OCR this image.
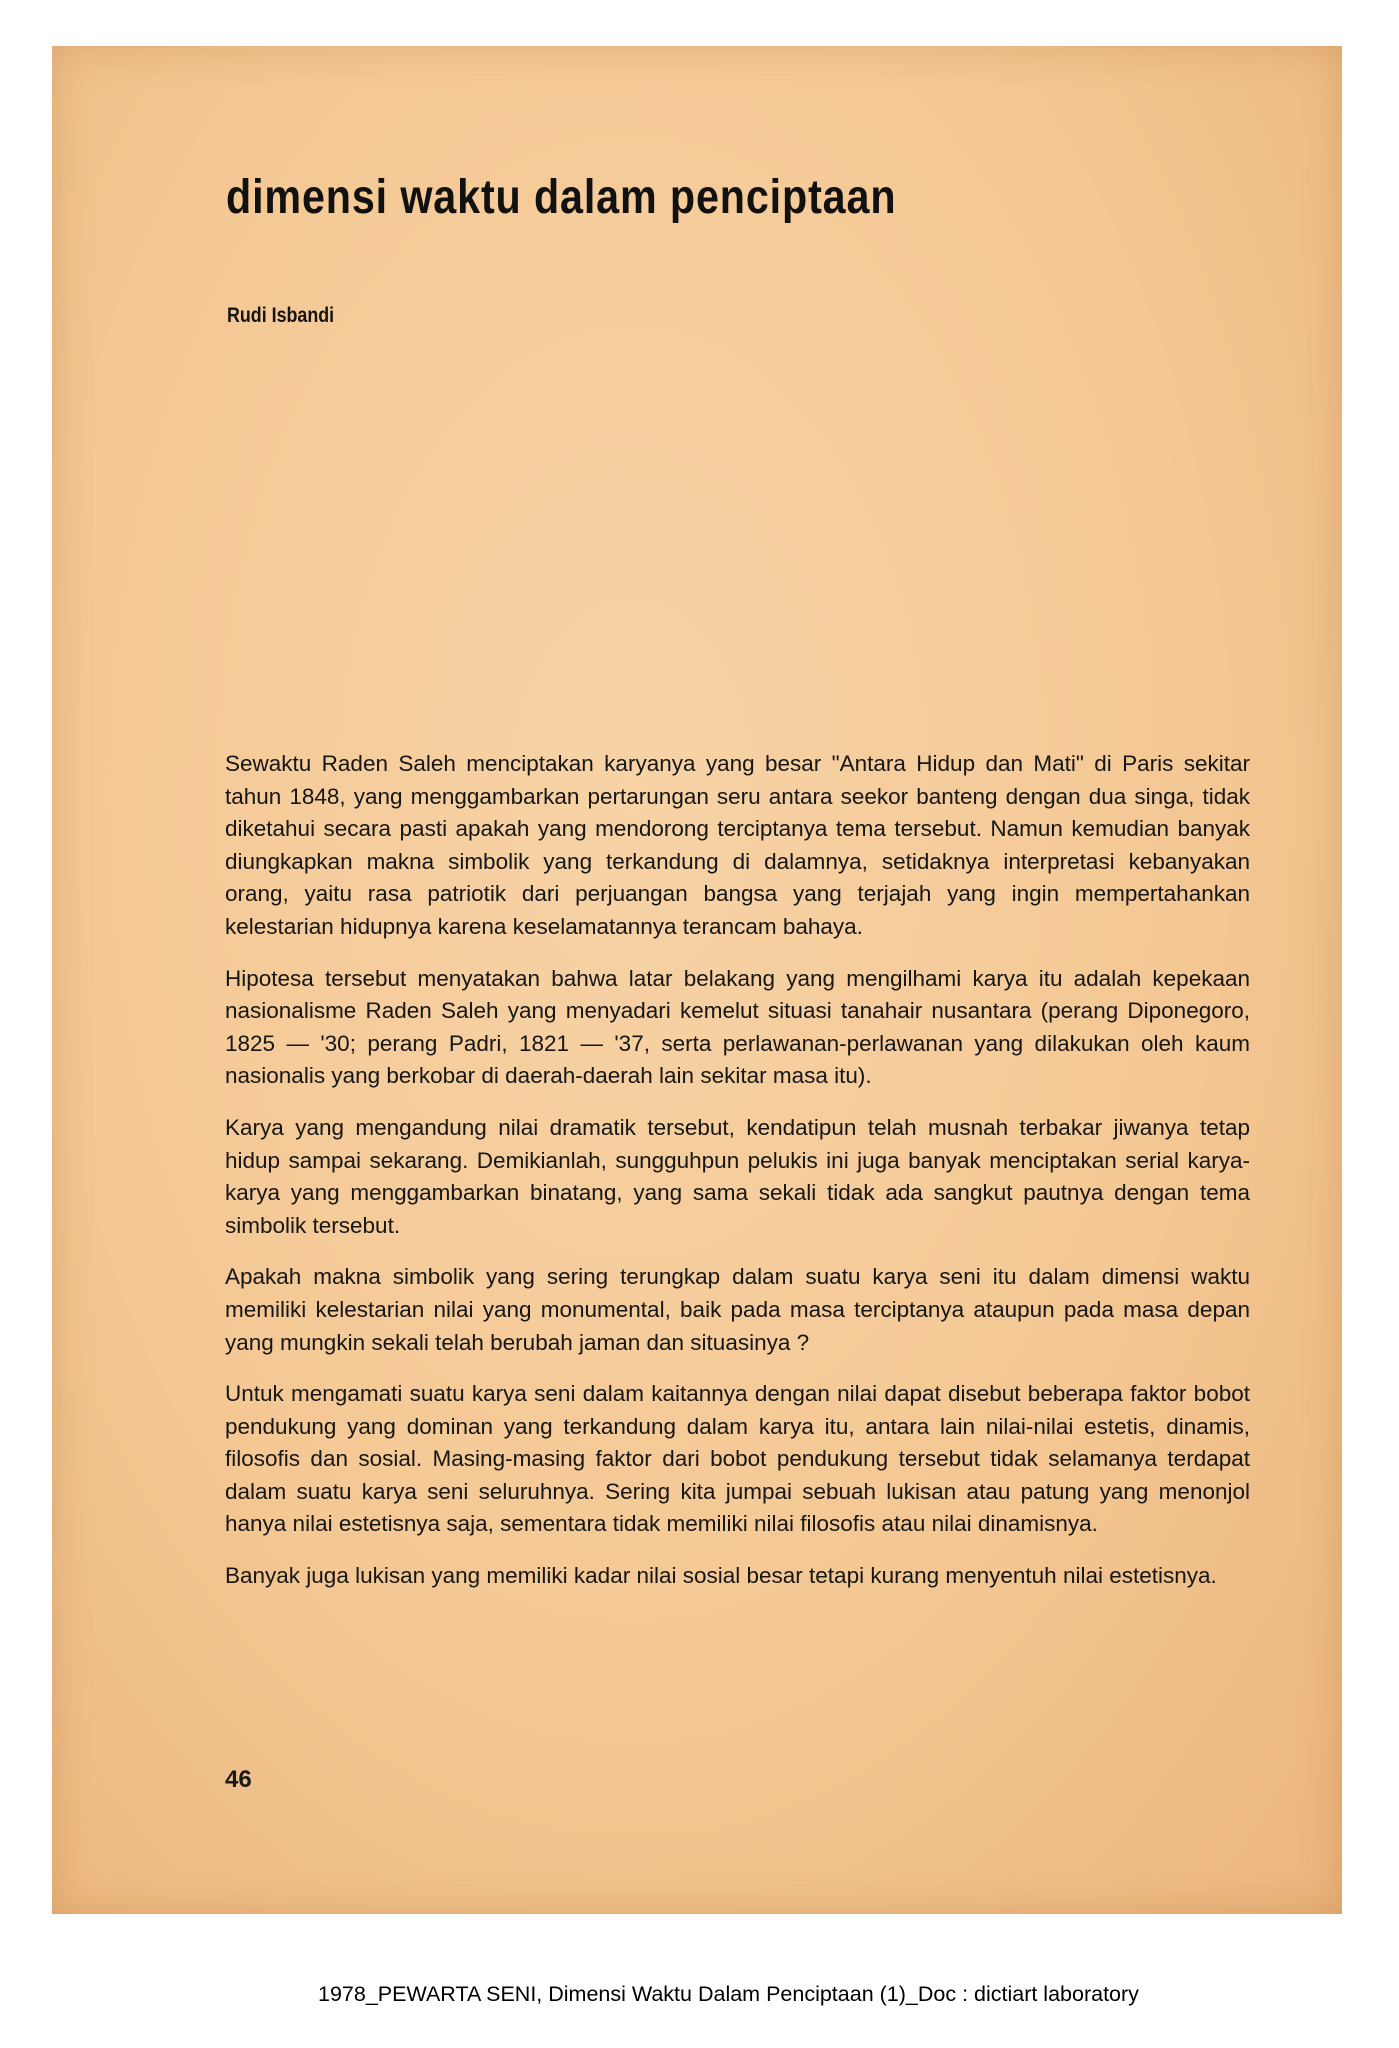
dimensi waktu dalam penciptaan

Rudi Isbandi

Sewaktu Raden Saleh menciptakan karyanya yang besar "Antara Hidup dan Mati" di Paris sekitar tahun 1848, yang menggambarkan pertarungan seru antara seekor banteng dengan dua singa, tidak diketahui secara pasti apakah yang mendorong terciptanya tema tersebut. Namun kemudian banyak diungkapkan makna simbolik yang terkandung di dalamnya, setidaknya interpretasi kebanyakan orang, yaitu rasa patriotik dari perjuangan bangsa yang terjajah yang ingin mempertahankan kelestarian hidupnya karena keselamatannya terancam bahaya.

Hipotesa tersebut menyatakan bahwa latar belakang yang mengilhami karya itu adalah kepekaan nasionalisme Raden Saleh yang menyadari kemelut situasi tanahair nusantara (perang Diponegoro, 1825 — '30; perang Padri, 1821 — '37, serta perlawanan-perlawanan yang dilakukan oleh kaum nasionalis yang berkobar di daerah-daerah lain sekitar masa itu).

Karya yang mengandung nilai dramatik tersebut, kendatipun telah musnah terbakar jiwanya tetap hidup sampai sekarang. Demikianlah, sungguhpun pelukis ini juga banyak menciptakan serial karya-karya yang menggambarkan binatang, yang sama sekali tidak ada sangkut pautnya dengan tema simbolik tersebut.

Apakah makna simbolik yang sering terungkap dalam suatu karya seni itu dalam dimensi waktu memiliki kelestarian nilai yang monumental, baik pada masa terciptanya ataupun pada masa depan yang mungkin sekali telah berubah jaman dan situasinya ?

Untuk mengamati suatu karya seni dalam kaitannya dengan nilai dapat disebut beberapa faktor bobot pendukung yang dominan yang terkandung dalam karya itu, antara lain nilai-nilai estetis, dinamis, filosofis dan sosial. Masing-masing faktor dari bobot pendukung tersebut tidak selamanya terdapat dalam suatu karya seni seluruhnya. Sering kita jumpai sebuah lukisan atau patung yang menonjol hanya nilai estetisnya saja, sementara tidak memiliki nilai filosofis atau nilai dinamisnya.

Banyak juga lukisan yang memiliki kadar nilai sosial besar tetapi kurang menyentuh nilai estetisnya.

46

1978_PEWARTA SENI, Dimensi Waktu Dalam Penciptaan (1)_Doc : dictiart laboratory
